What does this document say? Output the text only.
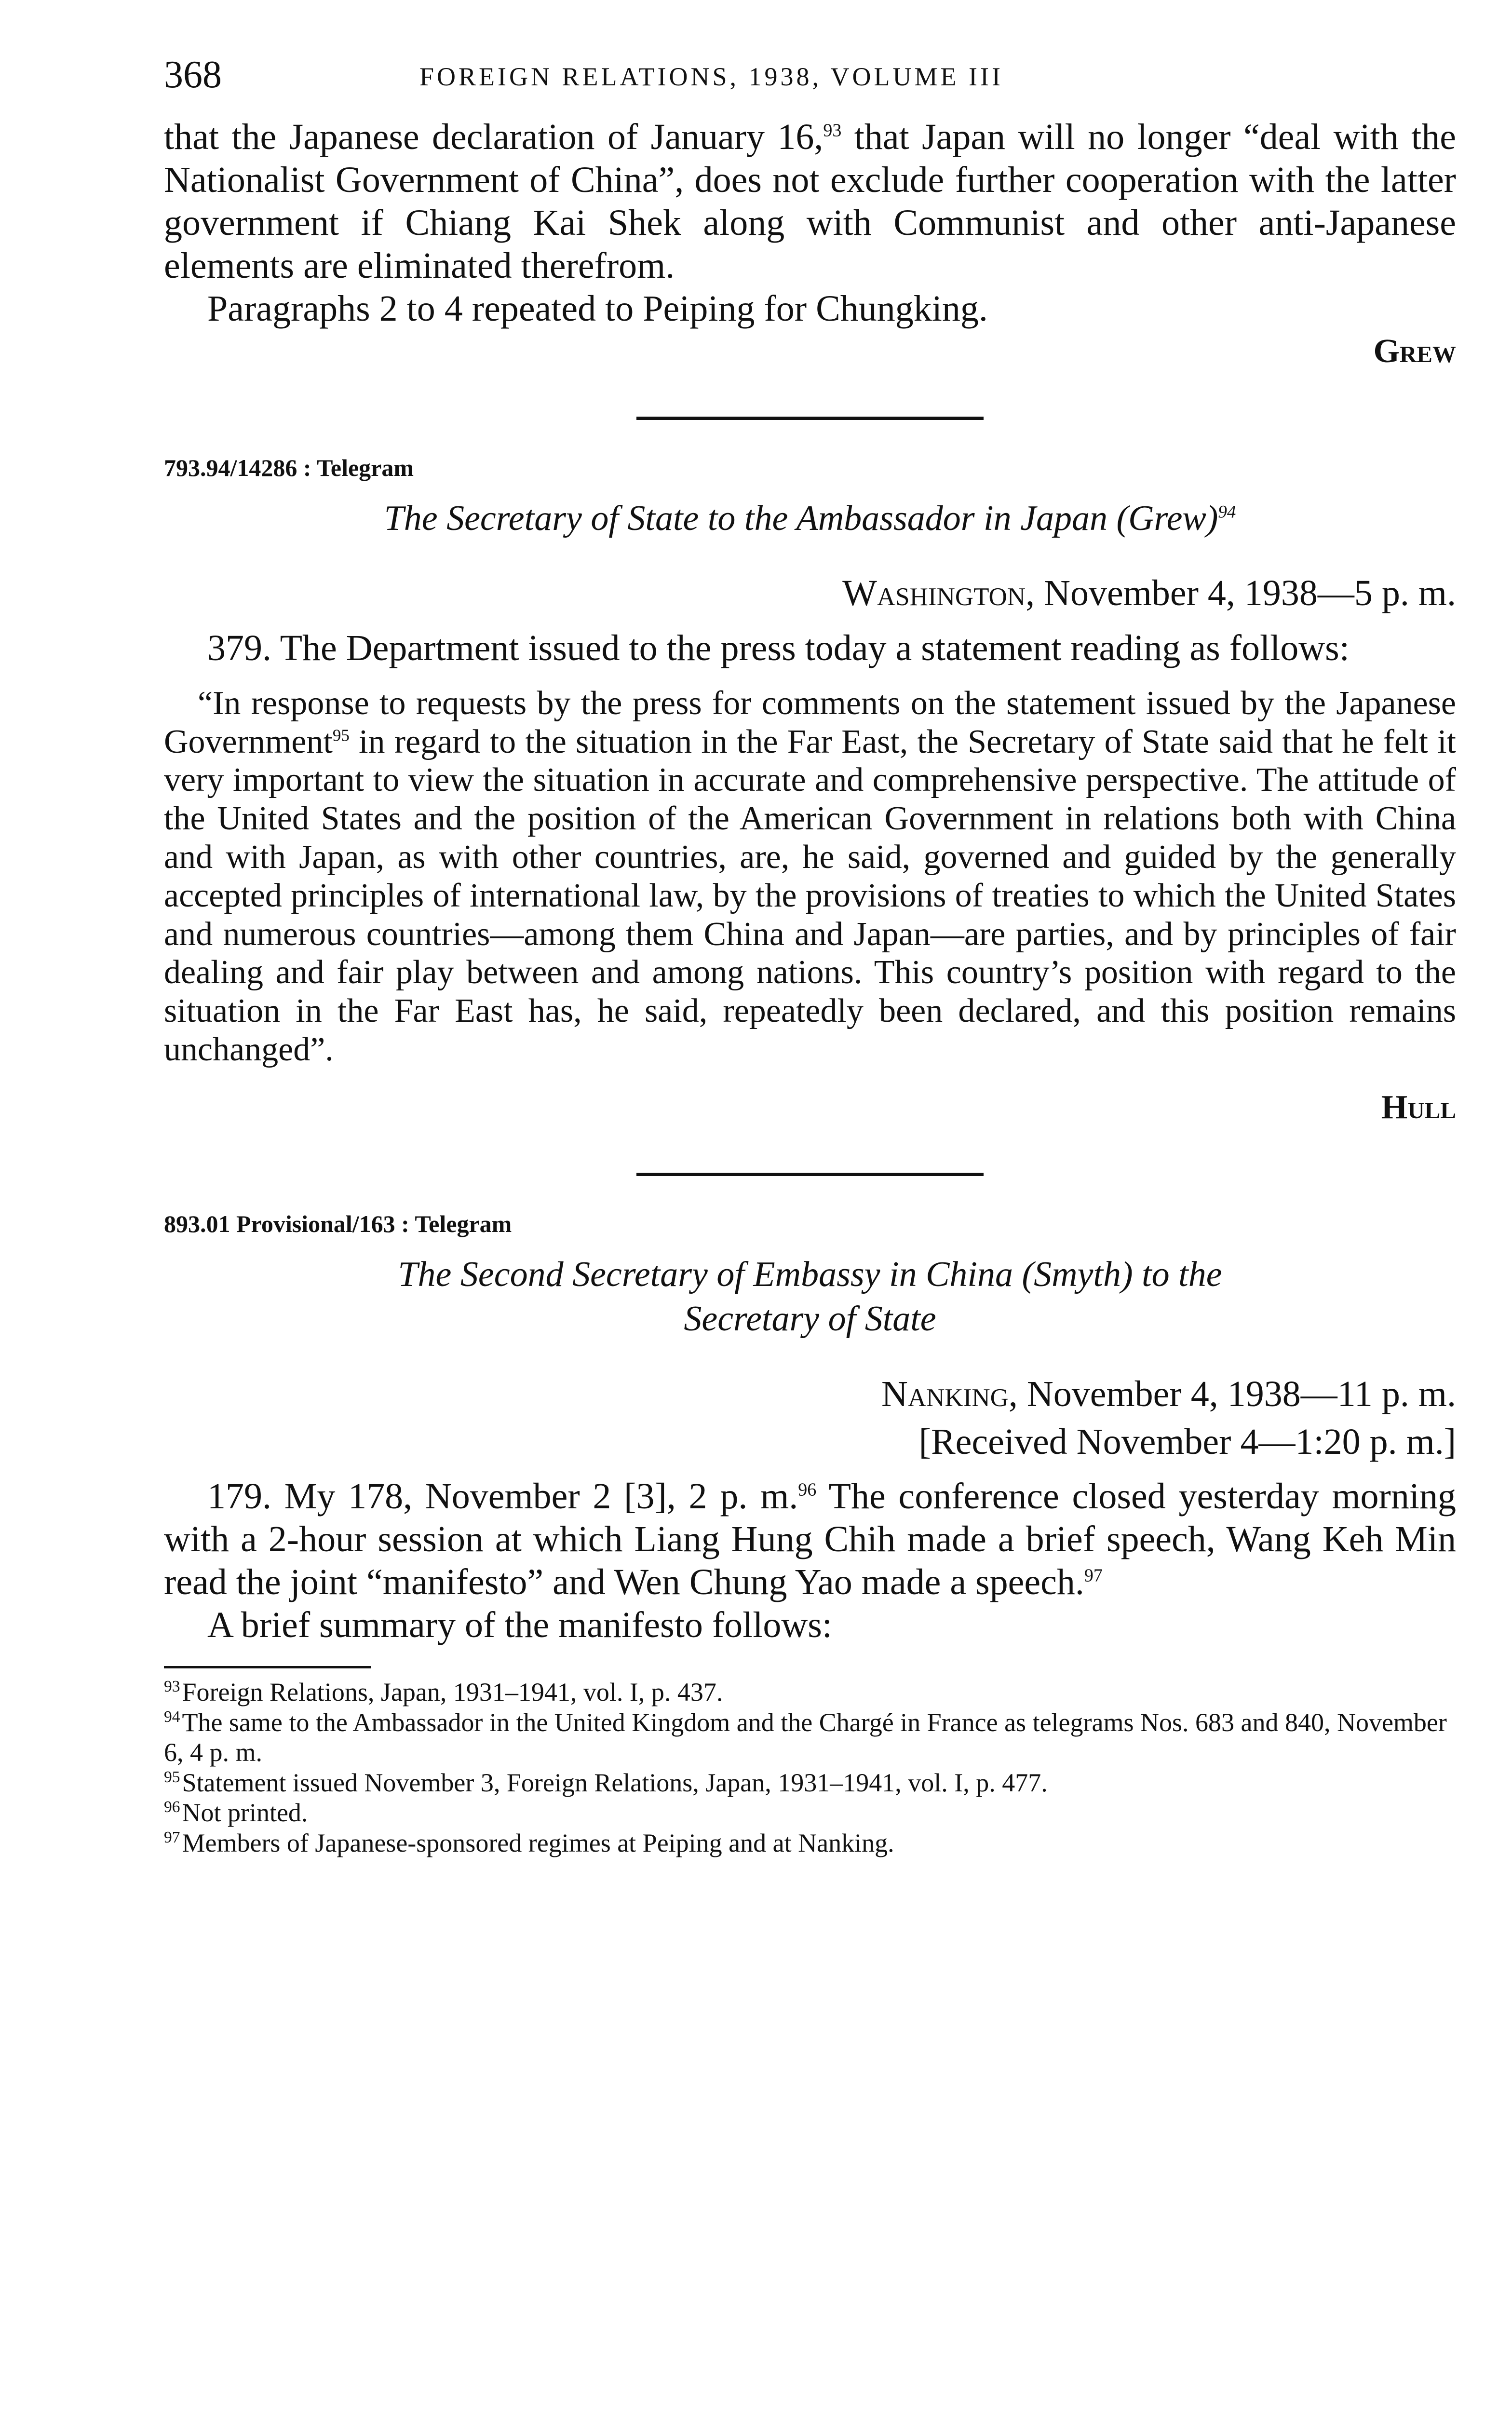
368	FOREIGN RELATIONS, 1938, VOLUME III

that the Japanese declaration of January 16,93 that Japan will no longer “deal with the Nationalist Government of China”, does not exclude further cooperation with the latter government if Chiang Kai Shek along with Communist and other anti-Japanese elements are eliminated therefrom.

Paragraphs 2 to 4 repeated to Peiping for Chungking.

Grew

793.94/14286 : Telegram

The Secretary of State to the Ambassador in Japan (Grew)$^{94}$

Washington, November 4, 1938—5 p. m.

379. The Department issued to the press today a statement reading as follows:

“In response to requests by the press for comments on the statement issued by the Japanese Government$^{95}$ in regard to the situation in the Far East, the Secretary of State said that he felt it very important to view the situation in accurate and comprehensive perspective. The attitude of the United States and the position of the American Government in relations both with China and with Japan, as with other countries, are, he said, governed and guided by the generally accepted principles of international law, by the provisions of treaties to which the United States and numerous countries—among them China and Japan—are parties, and by principles of fair dealing and fair play between and among nations. This country’s position with regard to the situation in the Far East has, he said, repeatedly been declared, and this position remains unchanged”.

Hull

893.01 Provisional/163 : Telegram

The Second Secretary of Embassy in China (Smyth) to the
Secretary of State

Nanking, November 4, 1938—11 p. m.
[Received November 4—1:20 p. m.]

179. My 178, November 2 [3], 2 p. m.$^{96}$ The conference closed yesterday morning with a 2-hour session at which Liang Hung Chih made a brief speech, Wang Keh Min read the joint “manifesto” and Wen Chung Yao made a speech.$^{97}$

A brief summary of the manifesto follows:

$^{93}$Foreign Relations, Japan, 1931–1941, vol. I, p. 437.

$^{94}$The same to the Ambassador in the United Kingdom and the Chargé in France as telegrams Nos. 683 and 840, November 6, 4 p. m.

$^{95}$Statement issued November 3, Foreign Relations, Japan, 1931–1941, vol. I, p. 477.

$^{96}$Not printed.

$^{97}$Members of Japanese-sponsored regimes at Peiping and at Nanking.
